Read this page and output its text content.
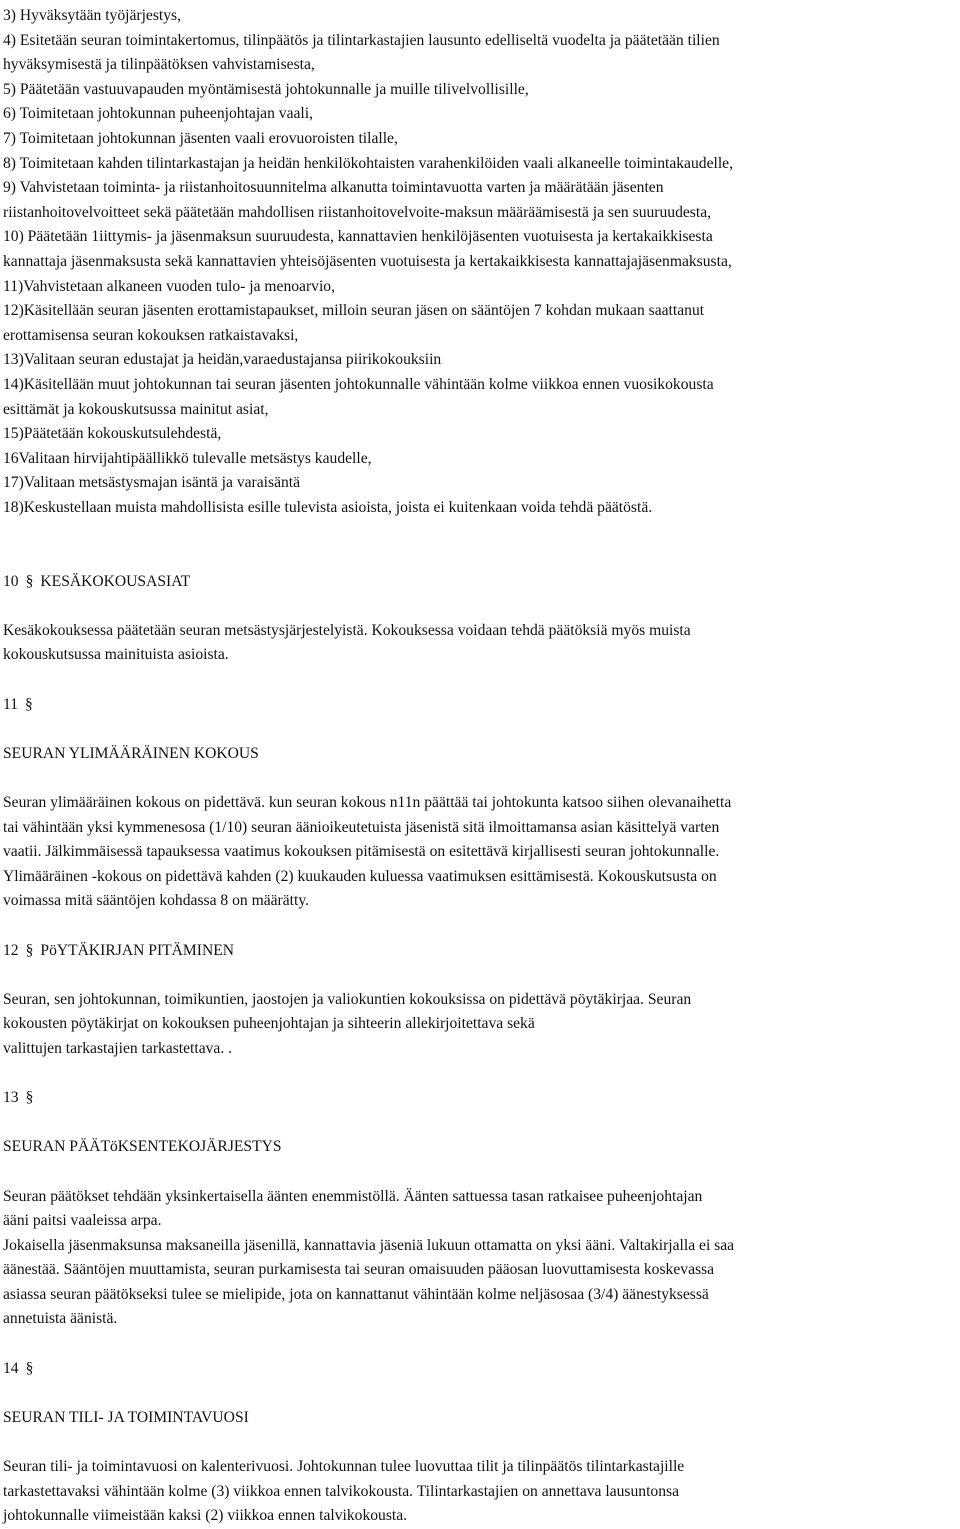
3) Hyväksytään työjärjestys,

4) Esitetään seuran toimintakertomus, tilinpäätös ja tilintarkastajien lausunto edelliseltä vuodelta ja päätetään tilien

hyväksymisestä ja tilinpäätöksen vahvistamisesta,

5) Päätetään vastuuvapauden myöntämisestä johtokunnalle ja muille tilivelvollisille,

6) Toimitetaan johtokunnan puheenjohtajan vaali,

7) Toimitetaan johtokunnan jäsenten vaali erovuoroisten tilalle,

8) Toimitetaan kahden tilintarkastajan ja heidän henkilökohtaisten varahenkilöiden vaali alkaneelle toimintakaudelle,

9) Vahvistetaan toiminta- ja riistanhoitosuunnitelma alkanutta toimintavuotta varten ja määrätään jäsenten

riistanhoitovelvoitteet sekä päätetään mahdollisen riistanhoitovelvoite-maksun määräämisestä ja sen suuruudesta,

10) Päätetään 1iittymis- ja jäsenmaksun suuruudesta, kannattavien henkilöjäsenten vuotuisesta ja kertakaikkisesta

kannattaja jäsenmaksusta sekä kannattavien yhteisöjäsenten vuotuisesta ja kertakaikkisesta kannattajajäsenmaksusta,

11)Vahvistetaan alkaneen vuoden tulo- ja menoarvio,

12)Käsitellään seuran jäsenten erottamistapaukset, milloin seuran jäsen on sääntöjen 7 kohdan mukaan saattanut

erottamisensa seuran kokouksen ratkaistavaksi,

13)Valitaan seuran edustajat ja heidän,varaedustajansa piirikokouksiin

14)Käsitellään muut johtokunnan tai seuran jäsenten johtokunnalle vähintään kolme viikkoa ennen vuosikokousta

esittämät ja kokouskutsussa mainitut asiat,

15)Päätetään kokouskutsulehdestä,

16Valitaan hirvijahtipäällikkö tulevalle metsästys kaudelle,

17)Valitaan metsästysmajan isäntä ja varaisäntä

18)Keskustellaan muista mahdollisista esille tulevista asioista, joista ei kuitenkaan voida tehdä päätöstä.

10 § KESÄKOKOUSASIAT

Kesäkokouksessa päätetään seuran metsästysjärjestelyistä. Kokouksessa voidaan tehdä päätöksiä myös muista

kokouskutsussa mainituista asioista.

11 §

SEURAN YLIMÄÄRÄINEN KOKOUS

Seuran ylimääräinen kokous on pidettävä. kun seuran kokous n11n päättää tai johtokunta katsoo siihen olevanaihetta

tai vähintään yksi kymmenesosa (1/10) seuran äänioikeutetuista jäsenistä sitä ilmoittamansa asian käsittelyä varten

vaatii. Jälkimmäisessä tapauksessa vaatimus kokouksen pitämisestä on esitettävä kirjallisesti seuran johtokunnalle.

Ylimääräinen -kokous on pidettävä kahden (2) kuukauden kuluessa vaatimuksen esittämisestä. Kokouskutsusta on

voimassa mitä sääntöjen kohdassa 8 on määrätty.

12 § PöYTÄKIRJAN PITÄMINEN

Seuran, sen johtokunnan, toimikuntien, jaostojen ja valiokuntien kokouksissa on pidettävä pöytäkirjaa. Seuran

kokousten pöytäkirjat on kokouksen puheenjohtajan ja sihteerin allekirjoitettava sekä

valittujen tarkastajien tarkastettava. .

13 §

SEURAN PÄÄTöKSENTEKOJÄRJESTYS

Seuran päätökset tehdään yksinkertaisella äänten enemmistöllä. Äänten sattuessa tasan ratkaisee puheenjohtajan

ääni paitsi vaaleissa arpa.

Jokaisella jäsenmaksunsa maksaneilla jäsenillä, kannattavia jäseniä lukuun ottamatta on yksi ääni. Valtakirjalla ei saa

äänestää. Sääntöjen muuttamista, seuran purkamisesta tai seuran omaisuuden pääosan luovuttamisesta koskevassa

asiassa seuran päätökseksi tulee se mielipide, jota on kannattanut vähintään kolme neljäsosaa (3/4) äänestyksessä

annetuista äänistä.

14 §

SEURAN TILI- JA TOIMINTAVUOSI

Seuran tili- ja toimintavuosi on kalenterivuosi. Johtokunnan tulee luovuttaa tilit ja tilinpäätös tilintarkastajille

tarkastettavaksi vähintään kolme (3) viikkoa ennen talvikokousta. Tilintarkastajien on annettava lausuntonsa

johtokunnalle viimeistään kaksi (2) viikkoa ennen talvikokousta.
